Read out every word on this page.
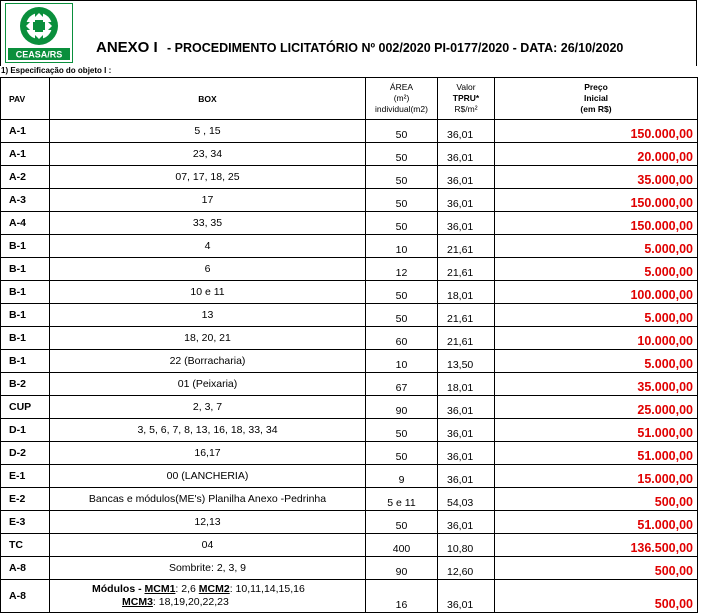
CEASA/RS ANEXO I - PROCEDIMENTO LICITATÓRIO Nº 002/2020 PI-0177/2020 - DATA: 26/10/2020
1) Especificação do objeto I :
PAV	BOX	ÁREA
(m²)
individual(m2)	Valor
TPRU*
R$/m²	Preço
Inicial
(em R$)
A-1	5 , 15	50	36,01	150.000,00
A-1	23, 34	50	36,01	20.000,00
A-2	07, 17, 18, 25	50	36,01	35.000,00
A-3	17	50	36,01	150.000,00
A-4	33, 35	50	36,01	150.000,00
B-1	4	10	21,61	5.000,00
B-1	6	12	21,61	5.000,00
B-1	10 e 11	50	18,01	100.000,00
B-1	13	50	21,61	5.000,00
B-1	18, 20, 21	60	21,61	10.000,00
B-1	22 (Borracharia)	10	13,50	5.000,00
B-2	01 (Peixaria)	67	18,01	35.000,00
CUP	2, 3, 7	90	36,01	25.000,00
D-1	3, 5, 6, 7, 8, 13, 16, 18, 33, 34	50	36,01	51.000,00
D-2	16,17	50	36,01	51.000,00
E-1	00 (LANCHERIA)	9	36,01	15.000,00
E-2	Bancas e módulos(ME's) Planilha Anexo -Pedrinha	5 e 11	54,03	500,00
E-3	12,13	50	36,01	51.000,00
TC	04	400	10,80	136.500,00
A-8	Sombrite: 2, 3, 9	90	12,60	500,00
A-8	Módulos - MCM1: 2,6 MCM2: 10,11,14,15,16
MCM3: 18,19,20,22,23	16	36,01	500,00
